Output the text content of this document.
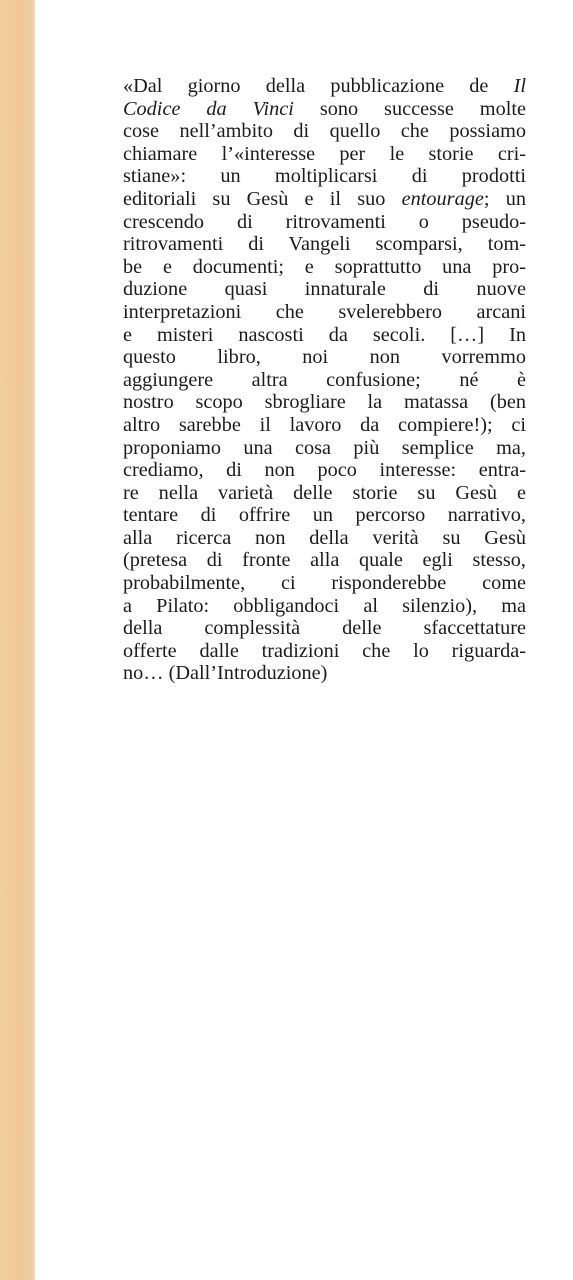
«Dal giorno della pubblicazione de Il
Codice da Vinci sono successe molte
cose nell’ambito di quello che possiamo
chiamare l’«interesse per le storie cri-
stiane»: un moltiplicarsi di prodotti
editoriali su Gesù e il suo entourage; un
crescendo di ritrovamenti o pseudo-
ritrovamenti di Vangeli scomparsi, tom-
be e documenti; e soprattutto una pro-
duzione quasi innaturale di nuove
interpretazioni che svelerebbero arcani
e misteri nascosti da secoli. […] In
questo libro, noi non vorremmo
aggiungere altra confusione; né è
nostro scopo sbrogliare la matassa (ben
altro sarebbe il lavoro da compiere!); ci
proponiamo una cosa più semplice ma,
crediamo, di non poco interesse: entra-
re nella varietà delle storie su Gesù e
tentare di offrire un percorso narrativo,
alla ricerca non della verità su Gesù
(pretesa di fronte alla quale egli stesso,
probabilmente, ci risponderebbe come
a Pilato: obbligandoci al silenzio), ma
della complessità delle sfaccettature
offerte dalle tradizioni che lo riguarda-
no… (Dall’Introduzione)
